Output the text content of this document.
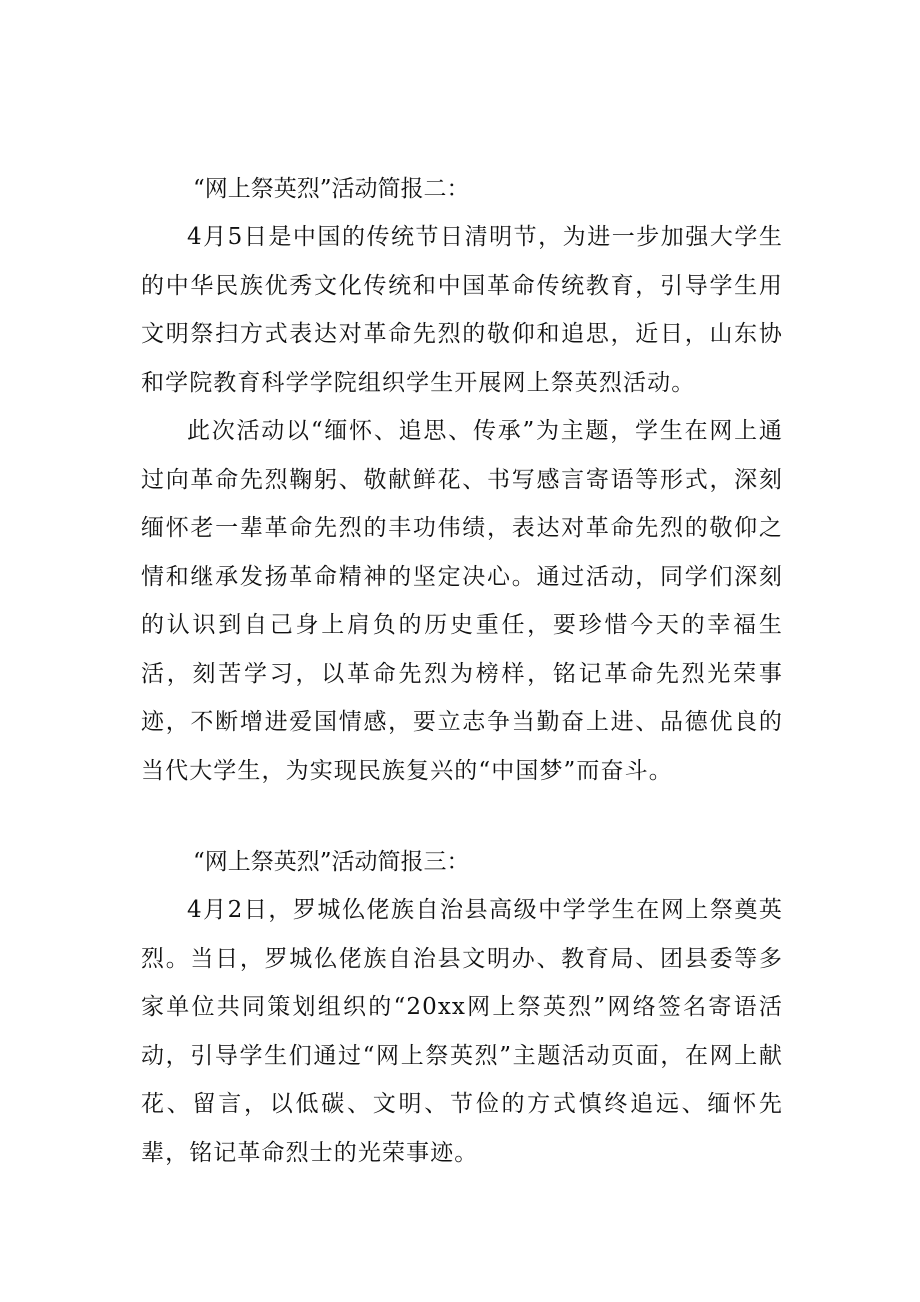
“网上祭英烈”活动简报二：

4月5日是中国的传统节日清明节，为进一步加强大学生的中华民族优秀文化传统和中国革命传统教育，引导学生用文明祭扫方式表达对革命先烈的敬仰和追思，近日，山东协和学院教育科学学院组织学生开展网上祭英烈活动。

此次活动以“缅怀、追思、传承”为主题，学生在网上通过向革命先烈鞠躬、敬献鲜花、书写感言寄语等形式，深刻缅怀老一辈革命先烈的丰功伟绩，表达对革命先烈的敬仰之情和继承发扬革命精神的坚定决心。通过活动，同学们深刻的认识到自己身上肩负的历史重任，要珍惜今天的幸福生活，刻苦学习，以革命先烈为榜样，铭记革命先烈光荣事迹，不断增进爱国情感，要立志争当勤奋上进、品德优良的当代大学生，为实现民族复兴的“中国梦”而奋斗。

“网上祭英烈”活动简报三：

4月2日，罗城仫佬族自治县高级中学学生在网上祭奠英烈。当日，罗城仫佬族自治县文明办、教育局、团县委等多家单位共同策划组织的“20xx网上祭英烈”网络签名寄语活动，引导学生们通过“网上祭英烈”主题活动页面，在网上献花、留言，以低碳、文明、节俭的方式慎终追远、缅怀先辈，铭记革命烈士的光荣事迹。
